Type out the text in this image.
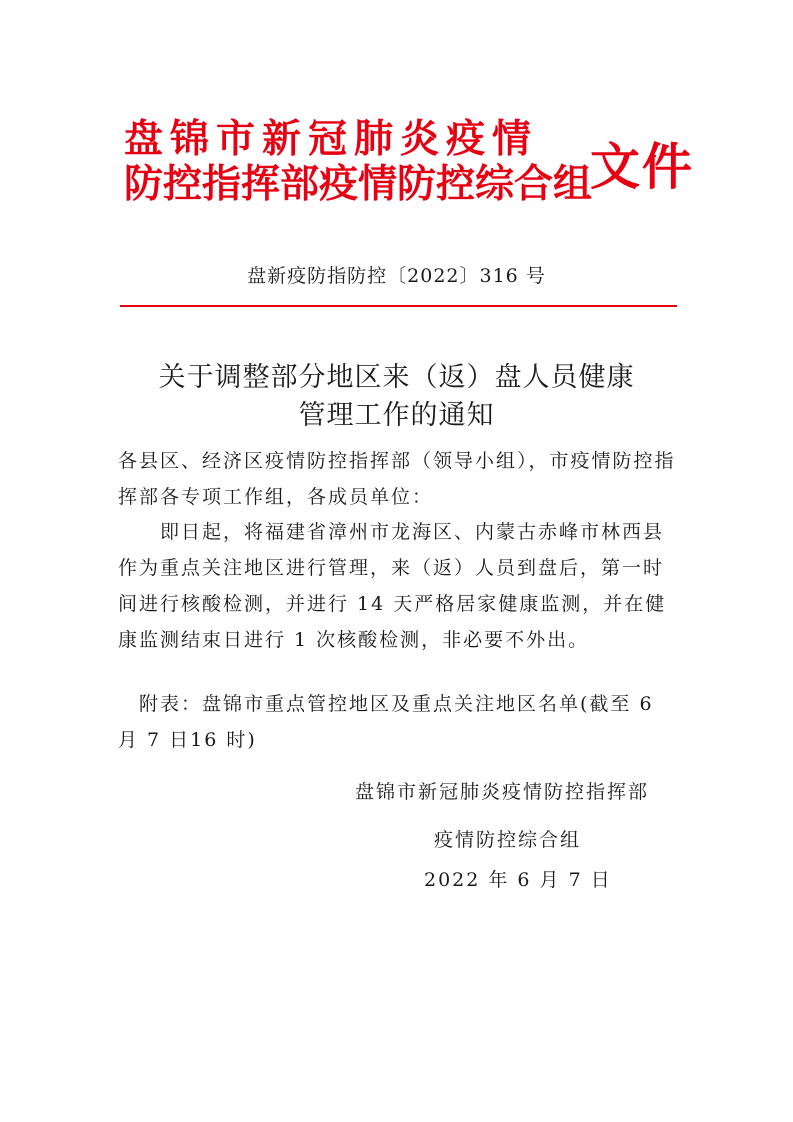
盘锦市新冠肺炎疫情
防控指挥部疫情防控综合组
文件
盘新疫防指防控〔2022〕316 号
关于调整部分地区来（返）盘人员健康
管理工作的通知
各县区、经济区疫情防控指挥部（领导小组），市疫情防控指挥部各专项工作组，各成员单位：
即日起，将福建省漳州市龙海区、内蒙古赤峰市林西县作为重点关注地区进行管理，来（返）人员到盘后，第一时间进行核酸检测，并进行 14 天严格居家健康监测，并在健康监测结束日进行 1 次核酸检测，非必要不外出。
附表：盘锦市重点管控地区及重点关注地区名单(截至 6 月 7 日16 时)
盘锦市新冠肺炎疫情防控指挥部
疫情防控综合组
2022 年 6 月 7 日
